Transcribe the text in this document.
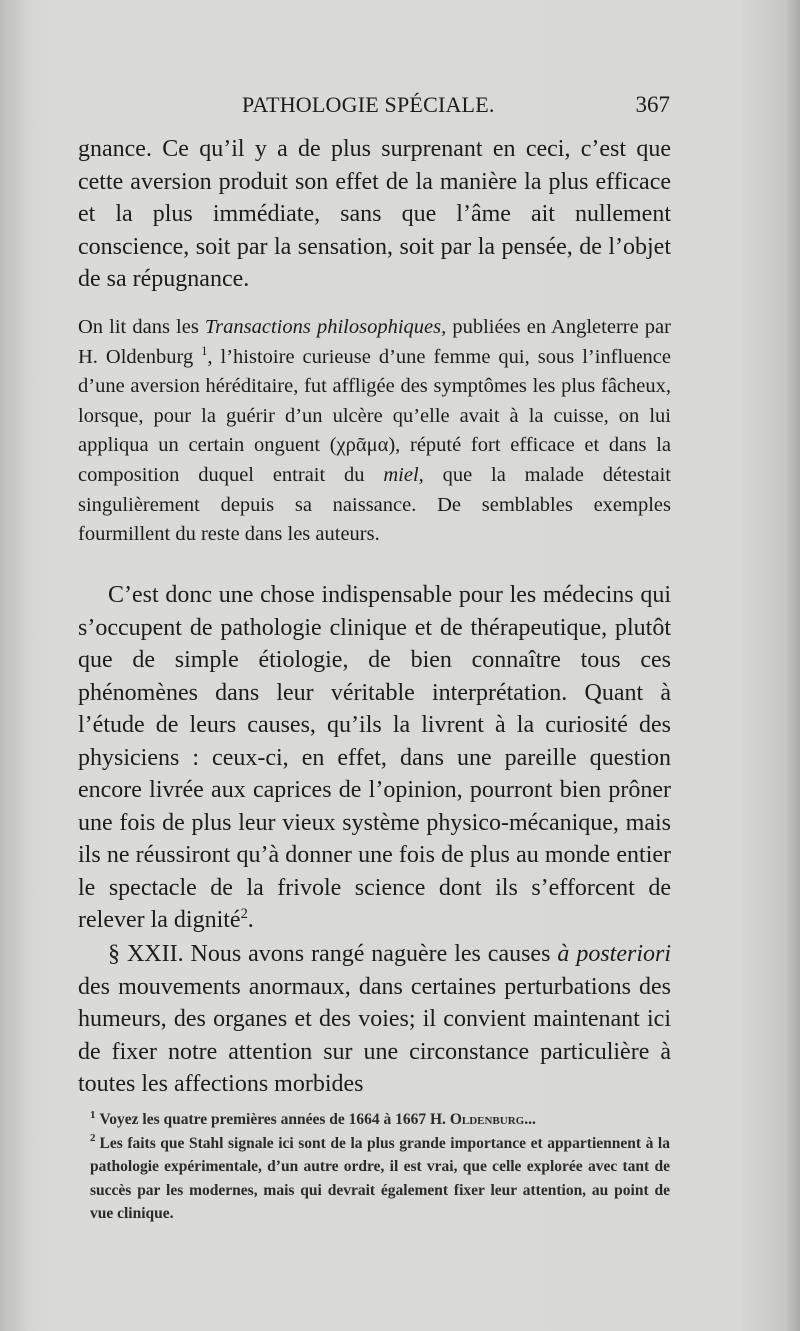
PATHOLOGIE SPÉCIALE.	367

gnance. Ce qu’il y a de plus surprenant en ceci, c’est que cette aversion produit son effet de la manière la plus efficace et la plus immédiate, sans que l’âme ait nullement conscience, soit par la sensation, soit par la pensée, de l’objet de sa répugnance.

On lit dans les Transactions philosophiques, publiées en Angleterre par H. Oldenburg $^1$, l’histoire curieuse d’une femme qui, sous l’influence d’une aversion héréditaire, fut affligée des symptômes les plus fâcheux, lorsque, pour la guérir d’un ulcère qu’elle avait à la cuisse, on lui appliqua un certain onguent (χρᾶμα), réputé fort efficace et dans la composition duquel entrait du miel, que la malade détestait singulièrement depuis sa naissance. De semblables exemples fourmillent du reste dans les auteurs.

C’est donc une chose indispensable pour les médecins qui s’occupent de pathologie clinique et de thérapeutique, plutôt que de simple étiologie, de bien connaître tous ces phénomènes dans leur véritable interprétation. Quant à l’étude de leurs causes, qu’ils la livrent à la curiosité des physiciens : ceux-ci, en effet, dans une pareille question encore livrée aux caprices de l’opinion, pourront bien prôner une fois de plus leur vieux système physico-mécanique, mais ils ne réussiront qu’à donner une fois de plus au monde entier le spectacle de la frivole science dont ils s’efforcent de relever la dignité$^2$.

§ XXII. Nous avons rangé naguère les causes à posteriori des mouvements anormaux, dans certaines perturbations des humeurs, des organes et des voies; il convient maintenant ici de fixer notre attention sur une circonstance particulière à toutes les affections morbides

$^1$ Voyez les quatre premières années de 1664 à 1667 H. Oldenburg...

$^2$ Les faits que Stahl signale ici sont de la plus grande importance et appartiennent à la pathologie expérimentale, d’un autre ordre, il est vrai, que celle explorée avec tant de succès par les modernes, mais qui devrait également fixer leur attention, au point de vue clinique.
